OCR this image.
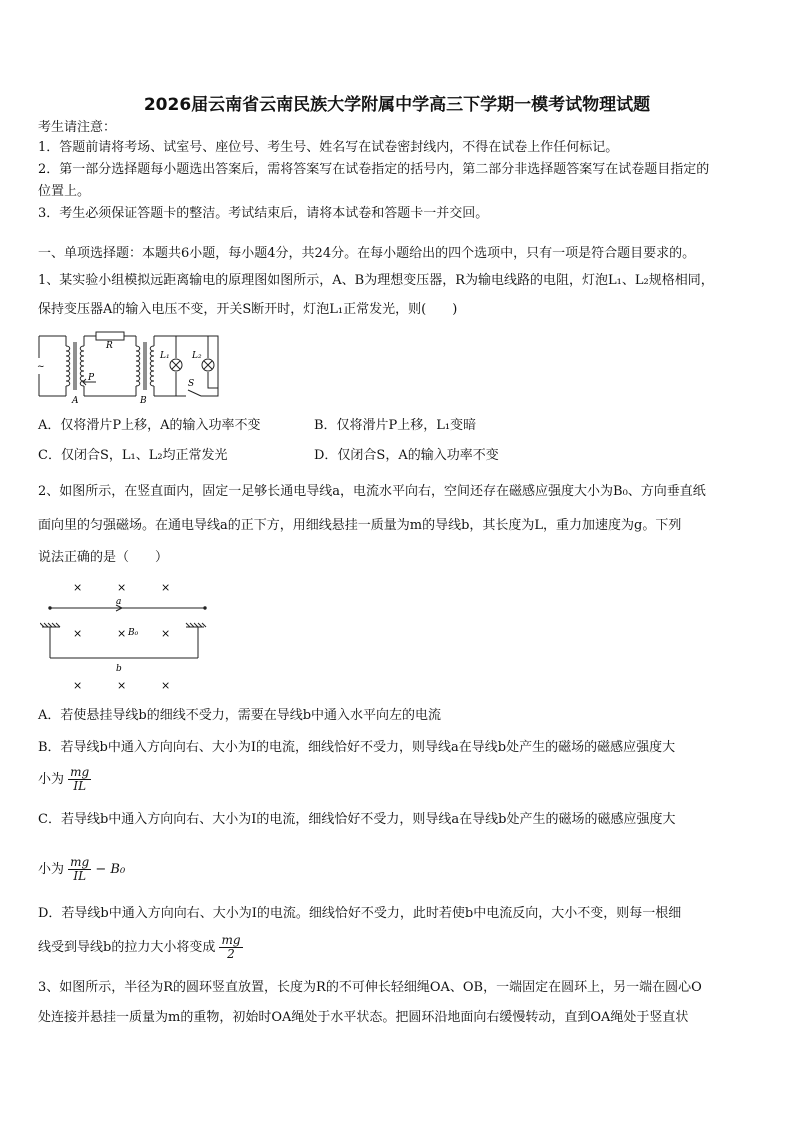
2026届云南省云南民族大学附属中学高三下学期一模考试物理试题
考生请注意：
1．答题前请将考场、试室号、座位号、考生号、姓名写在试卷密封线内，不得在试卷上作任何标记。
2．第一部分选择题每小题选出答案后，需将答案写在试卷指定的括号内，第二部分非选择题答案写在试卷题目指定的
位置上。
3．考生必须保证答题卡的整洁。考试结束后，请将本试卷和答题卡一并交回。
一、单项选择题：本题共6小题，每小题4分，共24分。在每小题给出的四个选项中，只有一项是符合题目要求的。
1、某实验小组模拟远距离输电的原理图如图所示，A、B为理想变压器，R为输电线路的电阻，灯泡L₁、L₂规格相同，
保持变压器A的输入电压不变，开关S断开时，灯泡L₁正常发光，则(　　)
R
P
A	B
L₁ L₂
S
~
A．仅将滑片P上移，A的输入功率不变	B．仅将滑片P上移，L₁变暗
C．仅闭合S，L₁、L₂均正常发光	D．仅闭合S，A的输入功率不变
2、如图所示，在竖直面内，固定一足够长通电导线a，电流水平向右，空间还存在磁感应强度大小为B₀、方向垂直纸
面向里的匀强磁场。在通电导线a的正下方，用细线悬挂一质量为m的导线b，其长度为L，重力加速度为g。下列
说法正确的是（　　）
a
b
B₀
×	×	×
×	×	×
×	×	×
A．若使悬挂导线b的细线不受力，需要在导线b中通入水平向左的电流
B．若导线b中通入方向向右、大小为I的电流，细线恰好不受力，则导线a在导线b处产生的磁场的磁感应强度大
小为 $\frac{mg}{IL}$
C．若导线b中通入方向向右、大小为I的电流，细线恰好不受力，则导线a在导线b处产生的磁场的磁感应强度大
小为 $\frac{mg}{IL} - B_0$
D．若导线b中通入方向向右、大小为I的电流。细线恰好不受力，此时若使b中电流反向，大小不变，则每一根细
线受到导线b的拉力大小将变成 $\frac{mg}{2}$
3、如图所示，半径为R的圆环竖直放置，长度为R的不可伸长轻细绳OA、OB，一端固定在圆环上，另一端在圆心O
处连接并悬挂一质量为m的重物，初始时OA绳处于水平状态。把圆环沿地面向右缓慢转动，直到OA绳处于竖直状
